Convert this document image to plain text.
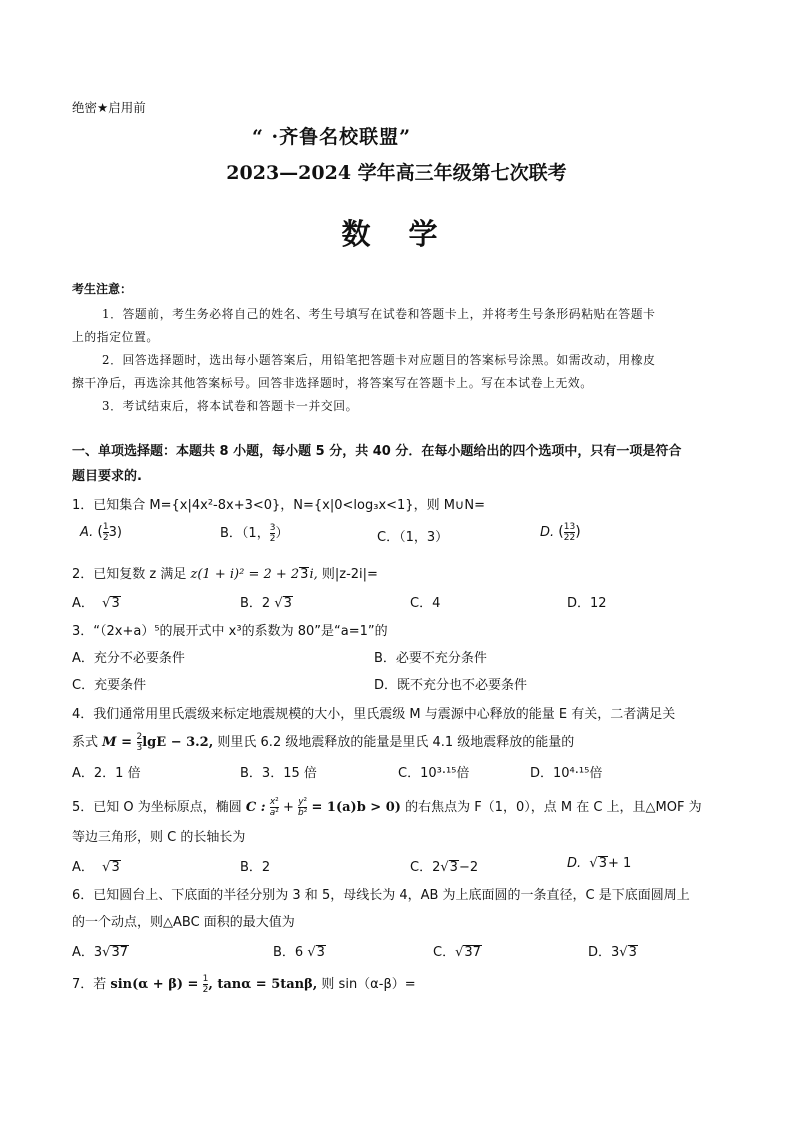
绝密★启用前
“ ·齐鲁名校联盟”
2023—2024 学年高三年级第七次联考
数 学
考生注意：
1．答题前，考生务必将自己的姓名、考生号填写在试卷和答题卡上，并将考生号条形码粘贴在答题卡
上的指定位置。
2．回答选择题时，选出每小题答案后，用铅笔把答题卡对应题目的答案标号涂黑。如需改动，用橡皮
擦干净后，再选涂其他答案标号。回答非选择题时，将答案写在答题卡上。写在本试卷上无效。
3．考试结束后，将本试卷和答题卡一并交回。
一、单项选择题：本题共 8 小题，每小题 5 分，共 40 分．在每小题给出的四个选项中，只有一项是符合
题目要求的.
1．已知集合 M={x|4x²-8x+3<0}，N={x|0<log₃x<1}，则 M∪N=
A. ( $\frac{1}{2} 3$)	B．（1， $\frac{3}{2}$ ）	C．（1，3）	D. ( $\frac{1}{2} \frac{3}{2}$ )
2．已知复数 z 满足 z(1 + i)² = 2 + 23i, 则|z-2i|=
A．  √3	B．2 √3	C．4	D．12
3．“（2x+a）⁵的展开式中 x³的系数为 80”是“a=1”的
A．充分不必要条件	B．必要不充分条件
C．充要条件	D．既不充分也不必要条件
4．我们通常用里氏震级来标定地震规模的大小，里氏震级 M 与震源中心释放的能量 E 有关，二者满足关
系式 $M = \frac{2}{3}$ lgE − 3.2, 则里氏 6.2 级地震释放的能量是里氏 4.1 级地震释放的能量的
A．2．1 倍	B．3．15 倍	C．10³·¹⁵倍	D．10⁴·¹⁵倍
5．已知 O 为坐标原点，椭圆 C : $\frac{\text{x²}}{\text{a²}} + \frac{\text{y²}}{\text{b²}} = 1(a)b > 0$) 的右焦点为 F（1，0），点 M 在 C 上，且△MOF 为
等边三角形，则 C 的长轴长为
A．  √3	B．2	C．2√3−2	D.  √3+ 1
6．已知圆台上、下底面的半径分别为 3 和 5，母线长为 4，AB 为上底面圆的一条直径，C 是下底面圆周上
的一个动点，则△ABC 面积的最大值为
A．3√37	B．6 √3	C．√37	D．3√3
7．若 $\sin(\alpha + \beta) = \frac{1}{2}$ , tanα = 5tanβ, 则 sin（α-β）=
